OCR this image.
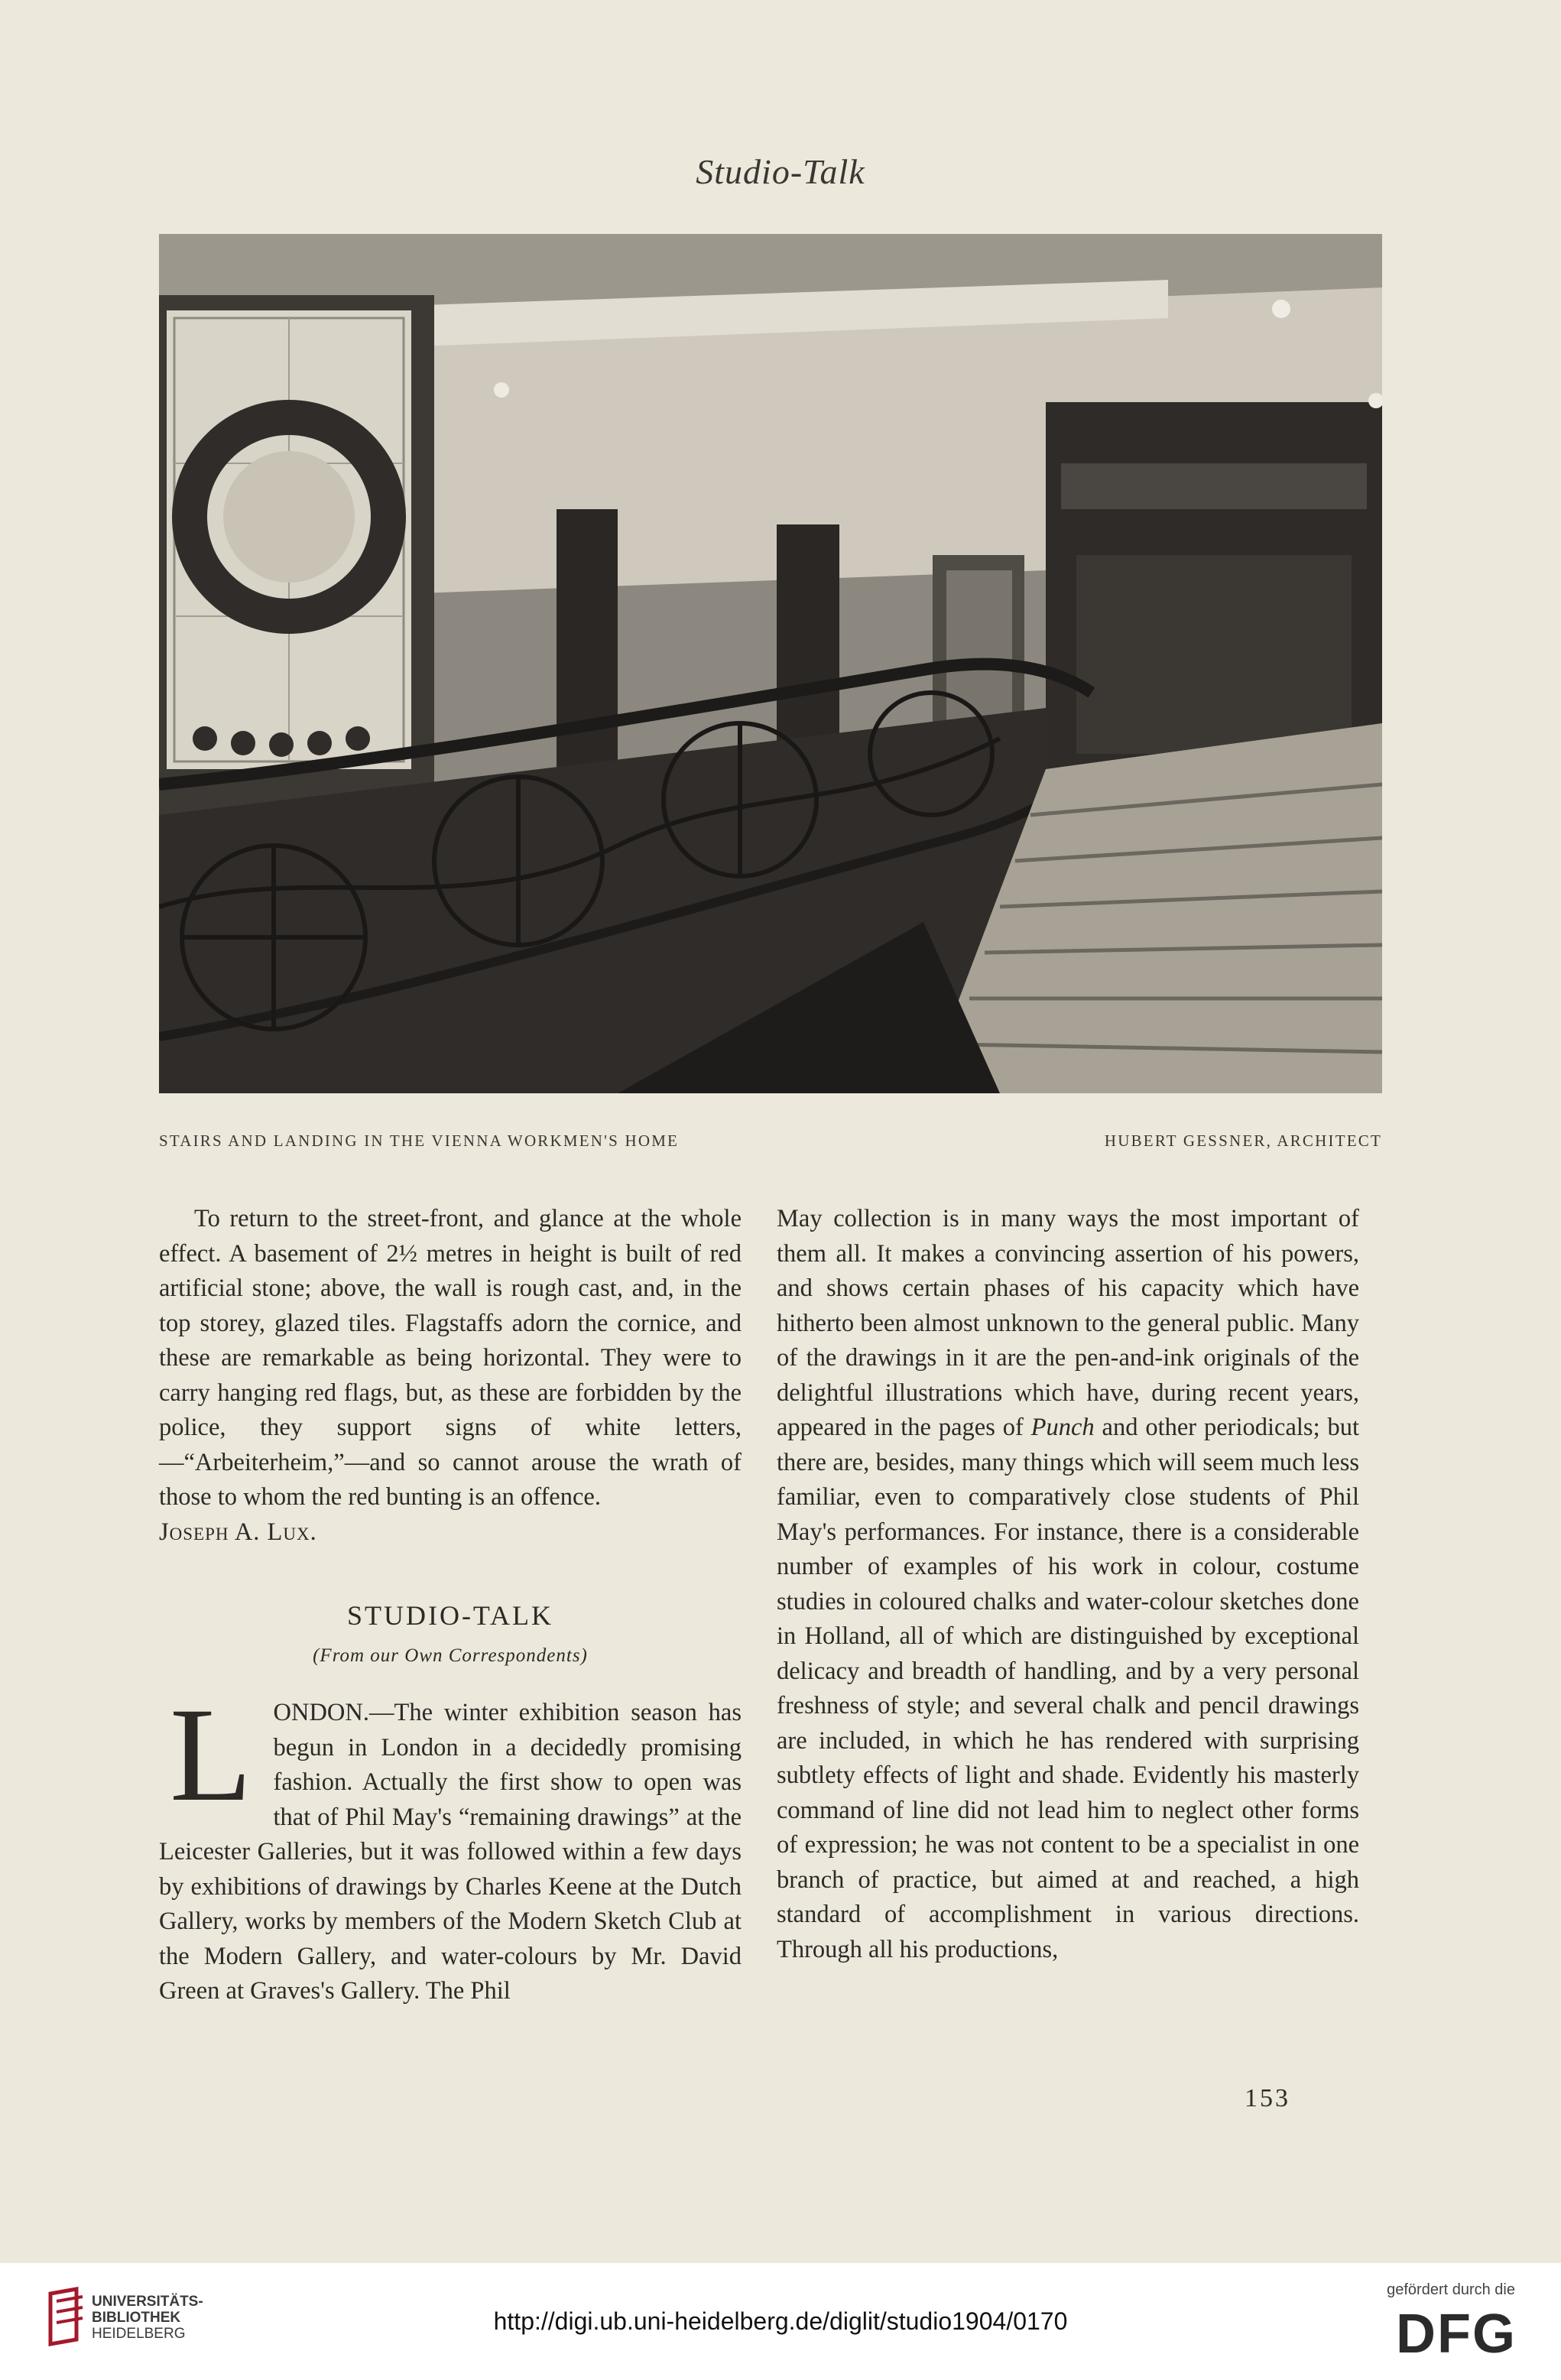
Studio-Talk
STAIRS AND LANDING IN THE VIENNA WORKMEN'S HOME	HUBERT GESSNER, ARCHITECT

To return to the street-front, and glance at the whole effect. A basement of 2½ metres in height is built of red artificial stone; above, the wall is rough cast, and, in the top storey, glazed tiles. Flagstaffs adorn the cornice, and these are remarkable as being horizontal. They were to carry hanging red flags, but, as these are forbidden by the police, they support signs of white letters,—“Arbeiterheim,”—and so cannot arouse the wrath of those to whom the red bunting is an offence.

Joseph A. Lux.

STUDIO-TALK
(From our Own Correspondents)

LONDON.—The winter exhibition season has begun in London in a decidedly promising fashion. Actually the first show to open was that of Phil May's “remaining drawings” at the Leicester Galleries, but it was followed within a few days by exhibitions of drawings by Charles Keene at the Dutch Gallery, works by members of the Modern Sketch Club at the Modern Gallery, and water-colours by Mr. David Green at Graves's Gallery. The Phil

May collection is in many ways the most important of them all. It makes a convincing assertion of his powers, and shows certain phases of his capacity which have hitherto been almost unknown to the general public. Many of the drawings in it are the pen-and-ink originals of the delightful illustrations which have, during recent years, appeared in the pages of Punch and other periodicals; but there are, besides, many things which will seem much less familiar, even to comparatively close students of Phil May's performances. For instance, there is a considerable number of examples of his work in colour, costume studies in coloured chalks and water-colour sketches done in Holland, all of which are distinguished by exceptional delicacy and breadth of handling, and by a very personal freshness of style; and several chalk and pencil drawings are included, in which he has rendered with surprising subtlety effects of light and shade. Evidently his masterly command of line did not lead him to neglect other forms of expression; he was not content to be a specialist in one branch of practice, but aimed at and reached, a high standard of accomplishment in various directions. Through all his productions,

153
UNIVERSITÄTS-
BIBLIOTHEK
HEIDELBERG	http://digi.ub.uni-heidelberg.de/diglit/studio1904/0170
gefördert durch die
DFG
